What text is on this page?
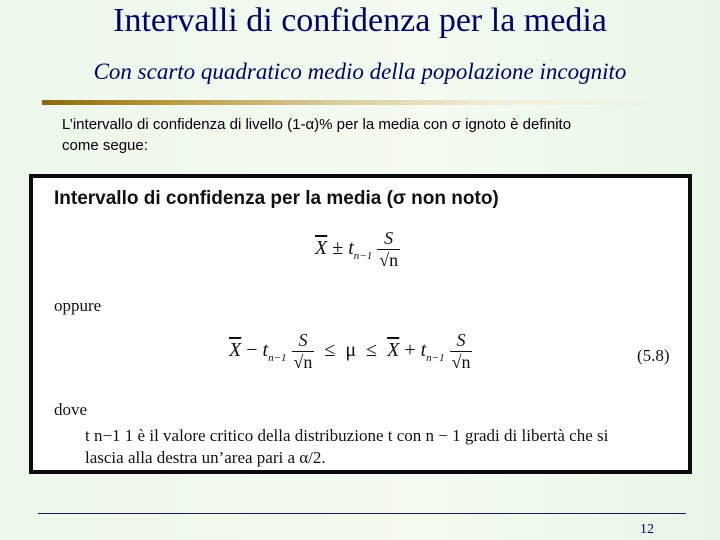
Intervalli di confidenza per la media
Con scarto quadratico medio della popolazione incognito
L’intervallo di confidenza di livello (1-α)% per la media con σ ignoto è definito
come segue:
Intervallo di confidenza per la media (σ non noto)
$\overline{X} \pm t_{n-1} \frac{S}{√n}$
oppure
$\overline{X} - t_{n-1} \frac{S}{√n} \le \mu \le \overline{X} + t_{n-1} \frac{S}{√n}$	(5.8)
dove
t n−1 1 è il valore critico della distribuzione t con n − 1 gradi di libertà che si
lascia alla destra un’area pari a α/2.
12
